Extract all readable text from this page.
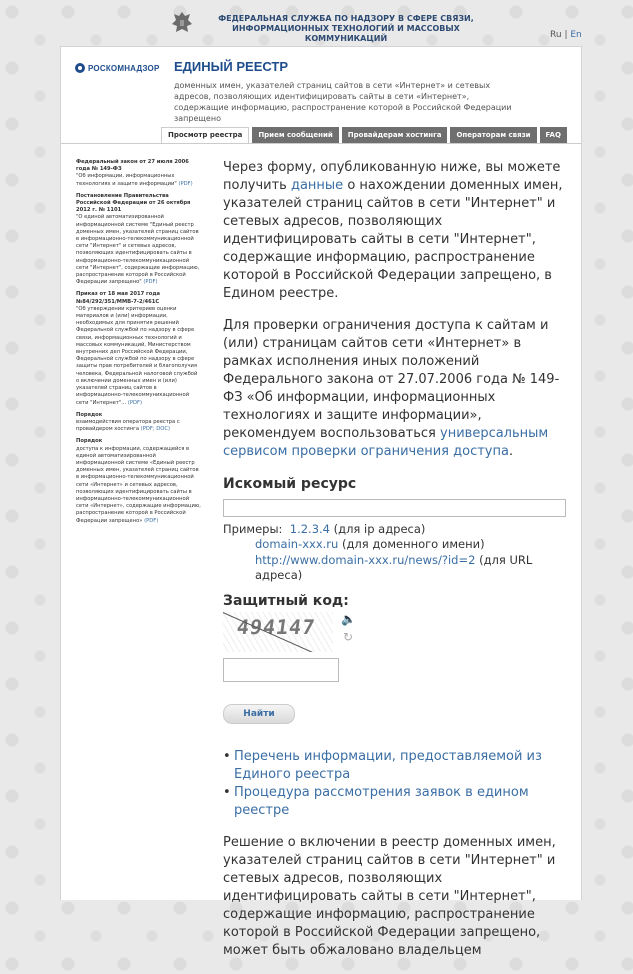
ФЕДЕРАЛЬНАЯ СЛУЖБА ПО НАДЗОРУ В СФЕРЕ СВЯЗИ, ИНФОРМАЦИОННЫХ ТЕХНОЛОГИЙ И МАССОВЫХ КОММУНИКАЦИЙ	Ru | En
РОСКОМНАДЗОР ЕДИНЫЙ РЕЕСТР
доменных имен, указателей страниц сайтов в сети «Интернет» и сетевых адресов, позволяющих идентифицировать сайты в сети «Интернет», содержащие информацию, распространение которой в Российской Федерации запрещено
Просмотр реестра	Прием сообщений	Провайдерам хостинга	Операторам связи	FAQ
Федеральный закон от 27 июля 2006 года № 149-ФЗ
"Об информации, информационных технологиях и защите информации" (PDF)
Постановление Правительства Российской Федерации от 26 октября 2012 г. № 1101
"О единой автоматизированной информационной системе "Единый реестр доменных имен, указателей страниц сайтов в информационно-телекоммуникационной сети "Интернет" и сетевых адресов, позволяющих идентифицировать сайты в информационно-телекоммуникационной сети "Интернет", содержащие информацию, распространение которой в Российской Федерации запрещено" (PDF)
Приказ от 18 мая 2017 года №84/292/351/ММВ-7-2/461С
"Об утверждении критериев оценки материалов и (или) информации, необходимых для принятия решений Федеральной службой по надзору в сфере связи, информационных технологий и массовых коммуникаций, Министерством внутренних дел Российской Федерации, Федеральной службой по надзору в сфере защиты прав потребителей и благополучия человека, Федеральной налоговой службой о включении доменных имен и (или) указателей страниц сайтов в информационно-телекоммуникационной сети "Интернет"... (PDF)
Порядок
взаимодействия оператора реестра с провайдером хостинга (PDF; DOC)
Порядок
доступа к информации, содержащейся в единой автоматизированной информационной системе «Единый реестр доменных имен, указателей страниц сайтов в информационно-телекоммуникационной сети «Интернет» и сетевых адресов, позволяющих идентифицировать сайты в информационно-телекоммуникационной сети «Интернет», содержащие информацию, распространение которой в Российской Федерации запрещено» (PDF)

Через форму, опубликованную ниже, вы можете получить данные о нахождении доменных имен, указателей страниц сайтов в сети "Интернет" и сетевых адресов, позволяющих идентифицировать сайты в сети "Интернет", содержащие информацию, распространение которой в Российской Федерации запрещено, в Едином реестре.

Для проверки ограничения доступа к сайтам и (или) страницам сайтов сети «Интернет» в рамках исполнения иных положений Федерального закона от 27.07.2006 года № 149-ФЗ «Об информации, информационных технологиях и защите информации», рекомендуем воспользоваться универсальным сервисом проверки ограничения доступа.

Искомый ресурс
Примеры: 1.2.3.4 (для ip адреса)
domain-xxx.ru (для доменного имени)
http://www.domain-xxx.ru/news/?id=2 (для URL адреса)
Защитный код:
494147 🔈
↻
Найти
• Перечень информации, предоставляемой из Единого реестра
• Процедура рассмотрения заявок в едином реестре

Решение о включении в реестр доменных имен, указателей страниц сайтов в сети "Интернет" и сетевых адресов, позволяющих идентифицировать сайты в сети "Интернет", содержащие информацию, распространение которой в Российской Федерации запрещено, может быть обжаловано владельцем
